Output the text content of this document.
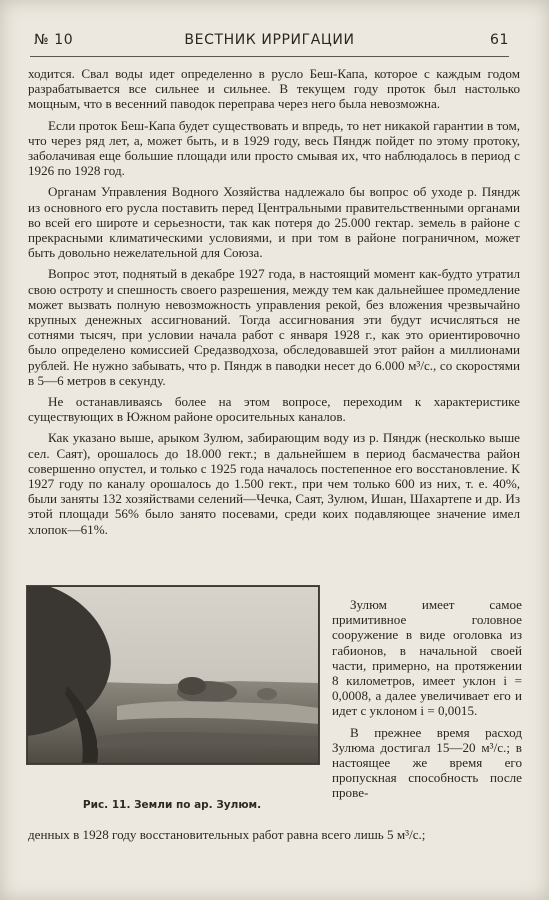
№ 10	ВЕСТНИК ИРРИГАЦИИ	61

ходится. Свал воды идет определенно в русло Беш-Капа, которое с каждым годом разрабатывается все сильнее и сильнее. В текущем году проток был настолько мощным, что в весенний паводок переправа через него была невозможна.

Если проток Беш-Капа будет существовать и впредь, то нет никакой гарантии в том, что через ряд лет, а, может быть, и в 1929 году, весь Пяндж пойдет по этому протоку, заболачивая еще большие площади или просто смывая их, что наблюдалось в период с 1926 по 1928 год.

Органам Управления Водного Хозяйства надлежало бы вопрос об уходе р. Пяндж из основного его русла поставить перед Центральными правительственными органами во всей его широте и серьезности, так как потеря до 25.000 гектар. земель в районе с прекрасными климатическими условиями, и при том в районе пограничном, может быть довольно нежелательной для Союза.

Вопрос этот, поднятый в декабре 1927 года, в настоящий момент как-будто утратил свою остроту и спешность своего разрешения, между тем как дальнейшее промедление может вызвать полную невозможность управления рекой, без вложения чрезвычайно крупных денежных ассигнований. Тогда ассигнования эти будут исчисляться не сотнями тысяч, при условии начала работ с января 1928 г., как это ориентировочно было определено комиссией Средазводхоза, обследовавшей этот район а миллионами рублей. Не нужно забывать, что р. Пяндж в паводки несет до 6.000 м³/с., со скоростями в 5—6 метров в секунду.

Не останавливаясь более на этом вопросе, переходим к характеристике существующих в Южном районе оросительных каналов.

Как указано выше, арыком Зулюм, забирающим воду из р. Пяндж (несколько выше сел. Саят), орошалось до 18.000 гект.; в дальнейшем в период басмачества район совершенно опустел, и только с 1925 года началось постепенное его восстановление. К 1927 году по каналу орошалось до 1.500 гект., при чем только 600 из них, т. е. 40%, были заняты 132 хозяйствами селений—Чечка, Саят, Зулюм, Ишан, Шахартепе и др. Из этой площади 56% было занято посевами, среди коих подавляющее значение имел хлопок—61%.

Рис. 11. Земли по ар. Зулюм.

Зулюм имеет самое примитивное головное сооружение в виде оголовка из габионов, в начальной своей части, примерно, на протяжении 8 километров, имеет уклон i = 0,0008, а далее увеличивает его и идет с уклоном i = 0,0015.

В прежнее время расход Зулюма достигал 15—20 м³/с.; в настоящее же время его пропускная способность после прове-

денных в 1928 году восстановительных работ равна всего лишь 5 м³/с.;
